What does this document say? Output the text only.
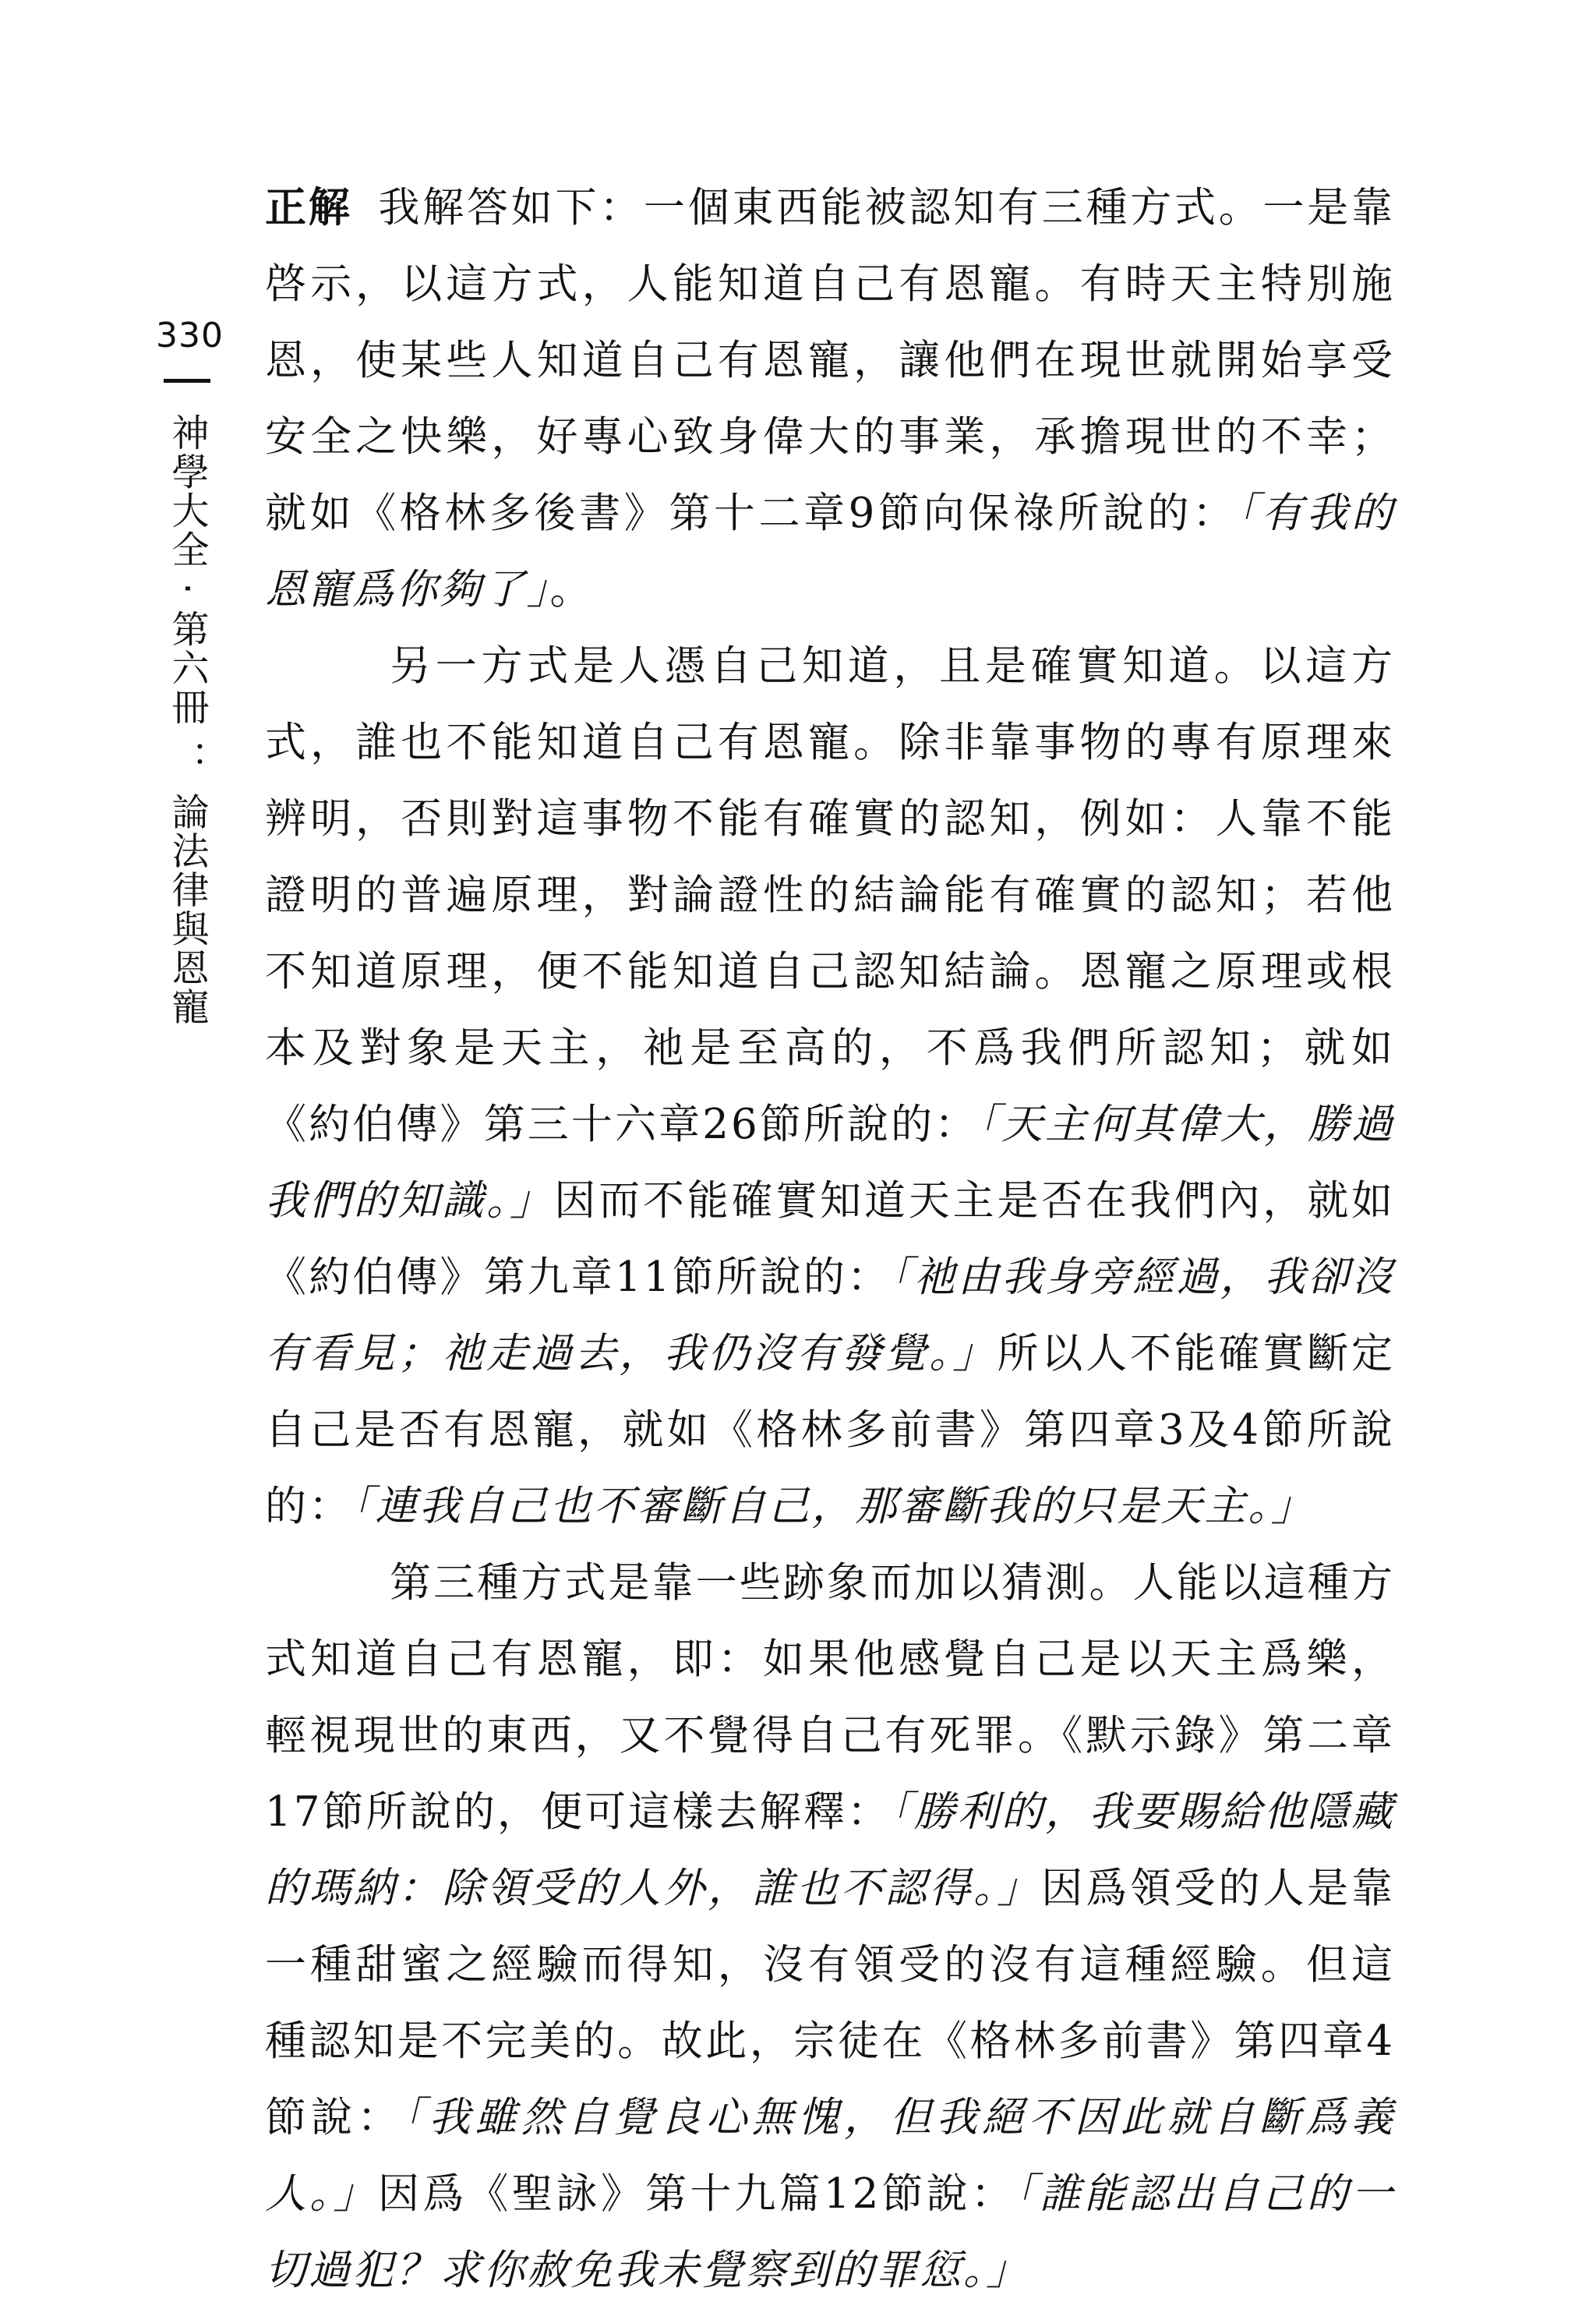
330
神學大全 · 第六冊 ： 論法律與恩寵

正解 我解答如下：一個東西能被認知有三種方式。一是靠啓示，以這方式，人能知道自己有恩寵。有時天主特別施恩，使某些人知道自己有恩寵，讓他們在現世就開始享受安全之快樂，好專心致身偉大的事業，承擔現世的不幸；就如《格林多後書》第十二章9節向保祿所說的：「有我的恩寵爲你夠了」。

另一方式是人憑自己知道，且是確實知道。以這方式，誰也不能知道自己有恩寵。除非靠事物的專有原理來辨明，否則對這事物不能有確實的認知，例如：人靠不能證明的普遍原理，對論證性的結論能有確實的認知；若他不知道原理，便不能知道自己認知結論。恩寵之原理或根本及對象是天主，祂是至高的，不爲我們所認知；就如《約伯傳》第三十六章26節所說的：「天主何其偉大，勝過我們的知識。」因而不能確實知道天主是否在我們內，就如《約伯傳》第九章11節所說的：「祂由我身旁經過，我卻沒有看見；祂走過去，我仍沒有發覺。」所以人不能確實斷定自己是否有恩寵，就如《格林多前書》第四章3及4節所說的：「連我自己也不審斷自己，那審斷我的只是天主。」

第三種方式是靠一些跡象而加以猜測。人能以這種方式知道自己有恩寵，即：如果他感覺自己是以天主爲樂，輕視現世的東西，又不覺得自己有死罪。《默示錄》第二章17節所說的，便可這樣去解釋：「勝利的，我要賜給他隱藏的瑪納：除領受的人外，誰也不認得。」因爲領受的人是靠一種甜蜜之經驗而得知，沒有領受的沒有這種經驗。但這種認知是不完美的。故此，宗徒在《格林多前書》第四章4節說：「我雖然自覺良心無愧，但我絕不因此就自斷爲義人。」因爲《聖詠》第十九篇12節說：「誰能認出自己的一切過犯？求你赦免我未覺察到的罪愆。」
